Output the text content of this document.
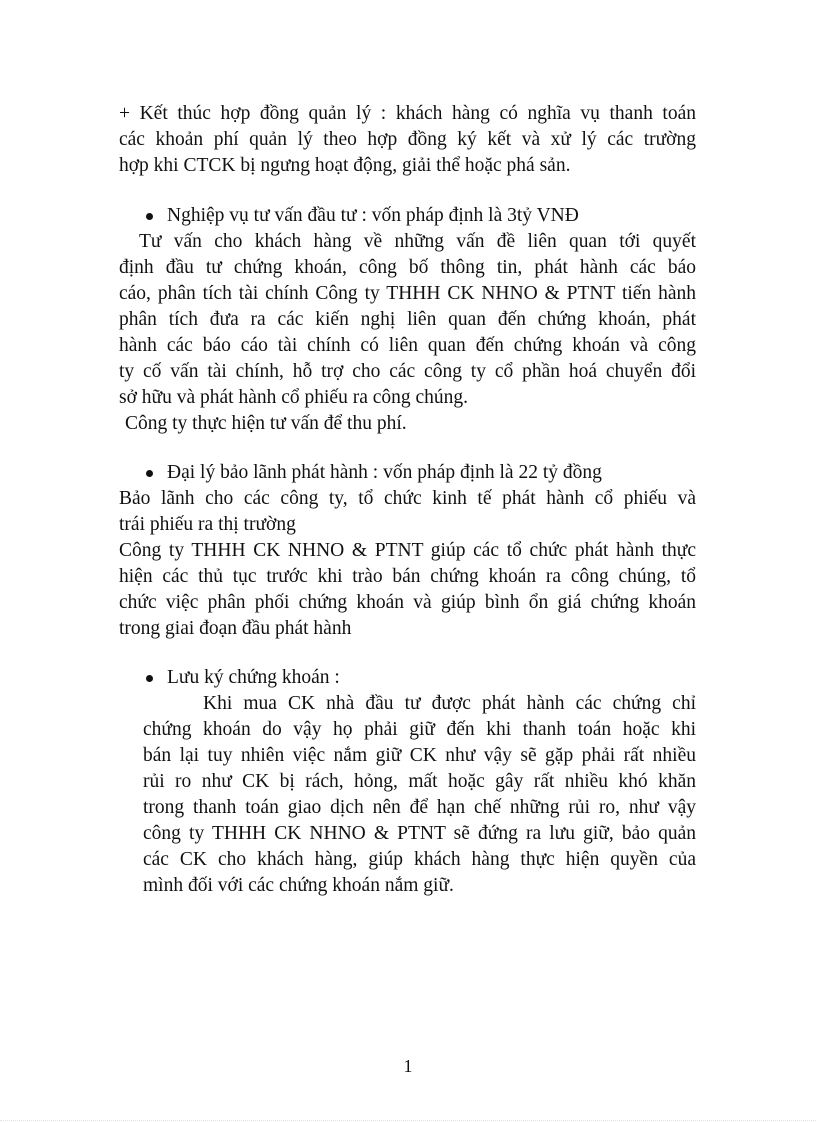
+ Kết thúc hợp đồng quản lý : khách hàng có nghĩa vụ thanh toán
các khoản phí quản lý theo hợp đồng ký kết và xử lý các trường
hợp khi CTCK bị ngưng hoạt động, giải thể hoặc phá sản.
Nghiệp vụ tư vấn đầu tư : vốn pháp định là 3tỷ VNĐ
Tư vấn cho khách hàng về những vấn đề liên quan tới quyết
định đầu tư chứng khoán, công bố thông tin, phát hành các báo
cáo, phân tích tài chính Công ty THHH CK NHNO & PTNT tiến hành
phân tích đưa ra các kiến nghị liên quan đến chứng khoán, phát
hành các báo cáo tài chính có liên quan đến chứng khoán và công
ty cố vấn tài chính, hỗ trợ cho các công ty cổ phần hoá chuyển đổi
sở hữu và phát hành cổ phiếu ra công chúng.
Công ty thực hiện tư vấn để thu phí.
Đại lý bảo lãnh phát hành : vốn pháp định là 22 tỷ đồng
Bảo lãnh cho các công ty, tổ chức kinh tế phát hành cổ phiếu và
trái phiếu ra thị trường
Công ty THHH CK NHNO & PTNT giúp các tổ chức phát hành thực
hiện các thủ tục trước khi trào bán chứng khoán ra công chúng, tổ
chức việc phân phối chứng khoán và giúp bình ổn giá chứng khoán
trong giai đoạn đầu phát hành
Lưu ký chứng khoán :
Khi mua CK nhà đầu tư được phát hành các chứng chỉ
chứng khoán do vậy họ phải giữ đến khi thanh toán hoặc khi
bán lại tuy nhiên việc nắm giữ CK như vậy sẽ gặp phải rất nhiều
rủi ro như CK bị rách, hỏng, mất hoặc gây rất nhiều khó khăn
trong thanh toán giao dịch nên để hạn chế những rủi ro, như vậy
công ty THHH CK NHNO & PTNT sẽ đứng ra lưu giữ, bảo quản
các CK cho khách hàng, giúp khách hàng thực hiện quyền của
mình đối với các chứng khoán nắm giữ.
1
